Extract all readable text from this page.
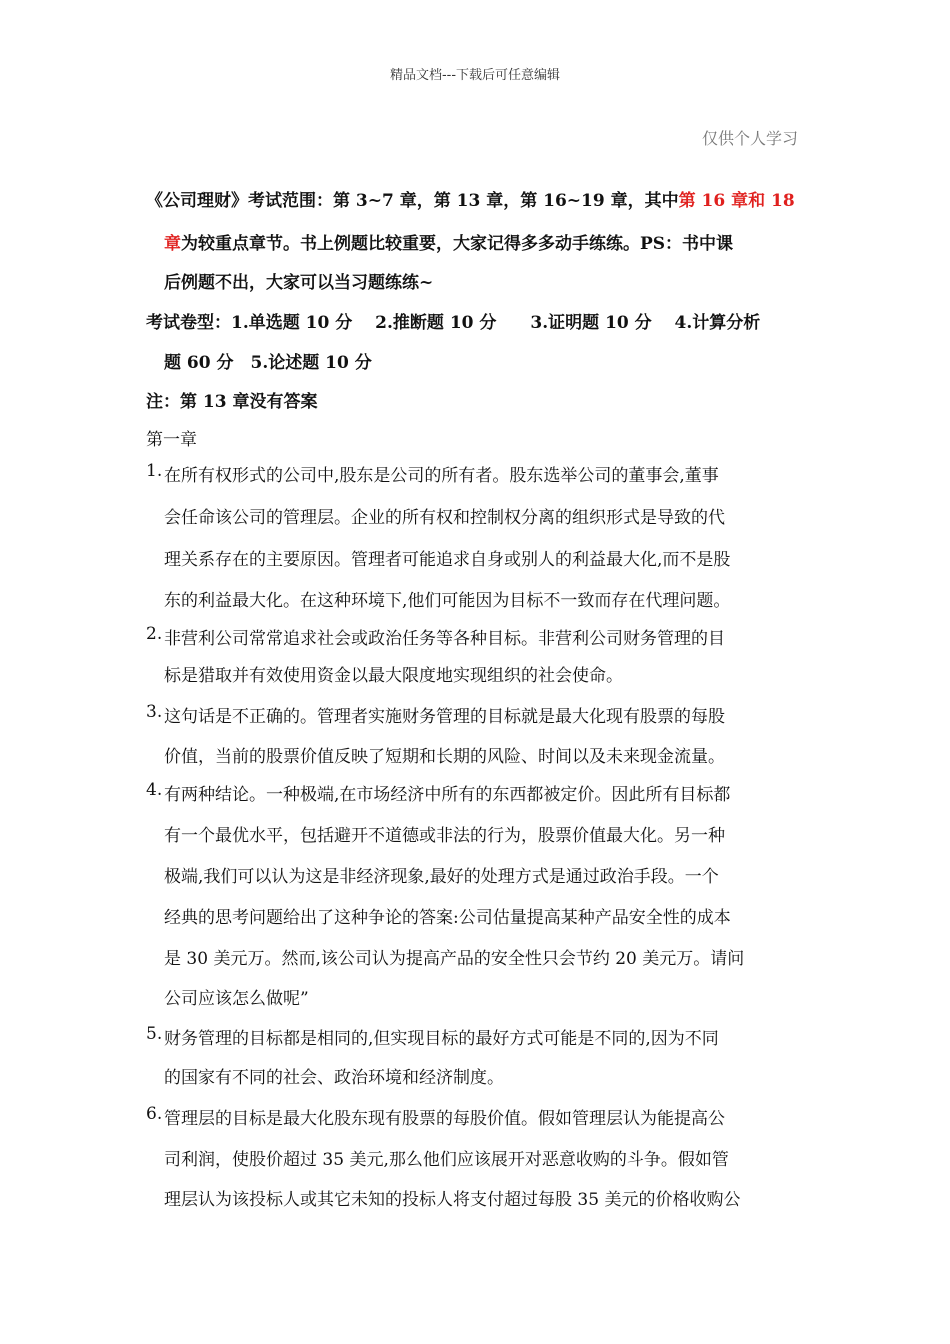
精品文档---下载后可任意编辑
仅供个人学习
《公司理财》考试范围：第 3~7 章，第 13 章，第 16~19 章，其中第 16 章和 18
章为较重点章节。书上例题比较重要，大家记得多多动手练练。PS：书中课
后例题不出，大家可以当习题练练~
考试卷型：1.单选题 10 分　 2.推断题 10 分　　3.证明题 10 分　 4.计算分析
题 60 分　5.论述题 10 分
注：第 13 章没有答案
第一章
1. 在所有权形式的公司中,股东是公司的所有者。股东选举公司的董事会,董事
会任命该公司的管理层。企业的所有权和控制权分离的组织形式是导致的代
理关系存在的主要原因。管理者可能追求自身或别人的利益最大化,而不是股
东的利益最大化。在这种环境下,他们可能因为目标不一致而存在代理问题。
2. 非营利公司常常追求社会或政治任务等各种目标。非营利公司财务管理的目
标是猎取并有效使用资金以最大限度地实现组织的社会使命。
3. 这句话是不正确的。管理者实施财务管理的目标就是最大化现有股票的每股
价值，当前的股票价值反映了短期和长期的风险、时间以及未来现金流量。
4. 有两种结论。一种极端,在市场经济中所有的东西都被定价。因此所有目标都
有一个最优水平，包括避开不道德或非法的行为，股票价值最大化。另一种
极端,我们可以认为这是非经济现象,最好的处理方式是通过政治手段。一个
经典的思考问题给出了这种争论的答案:公司估量提高某种产品安全性的成本
是 30 美元万。然而,该公司认为提高产品的安全性只会节约 20 美元万。请问
公司应该怎么做呢”
5. 财务管理的目标都是相同的,但实现目标的最好方式可能是不同的,因为不同
的国家有不同的社会、政治环境和经济制度。
6. 管理层的目标是最大化股东现有股票的每股价值。假如管理层认为能提高公
司利润，使股价超过 35 美元,那么他们应该展开对恶意收购的斗争。假如管
理层认为该投标人或其它未知的投标人将支付超过每股 35 美元的价格收购公
